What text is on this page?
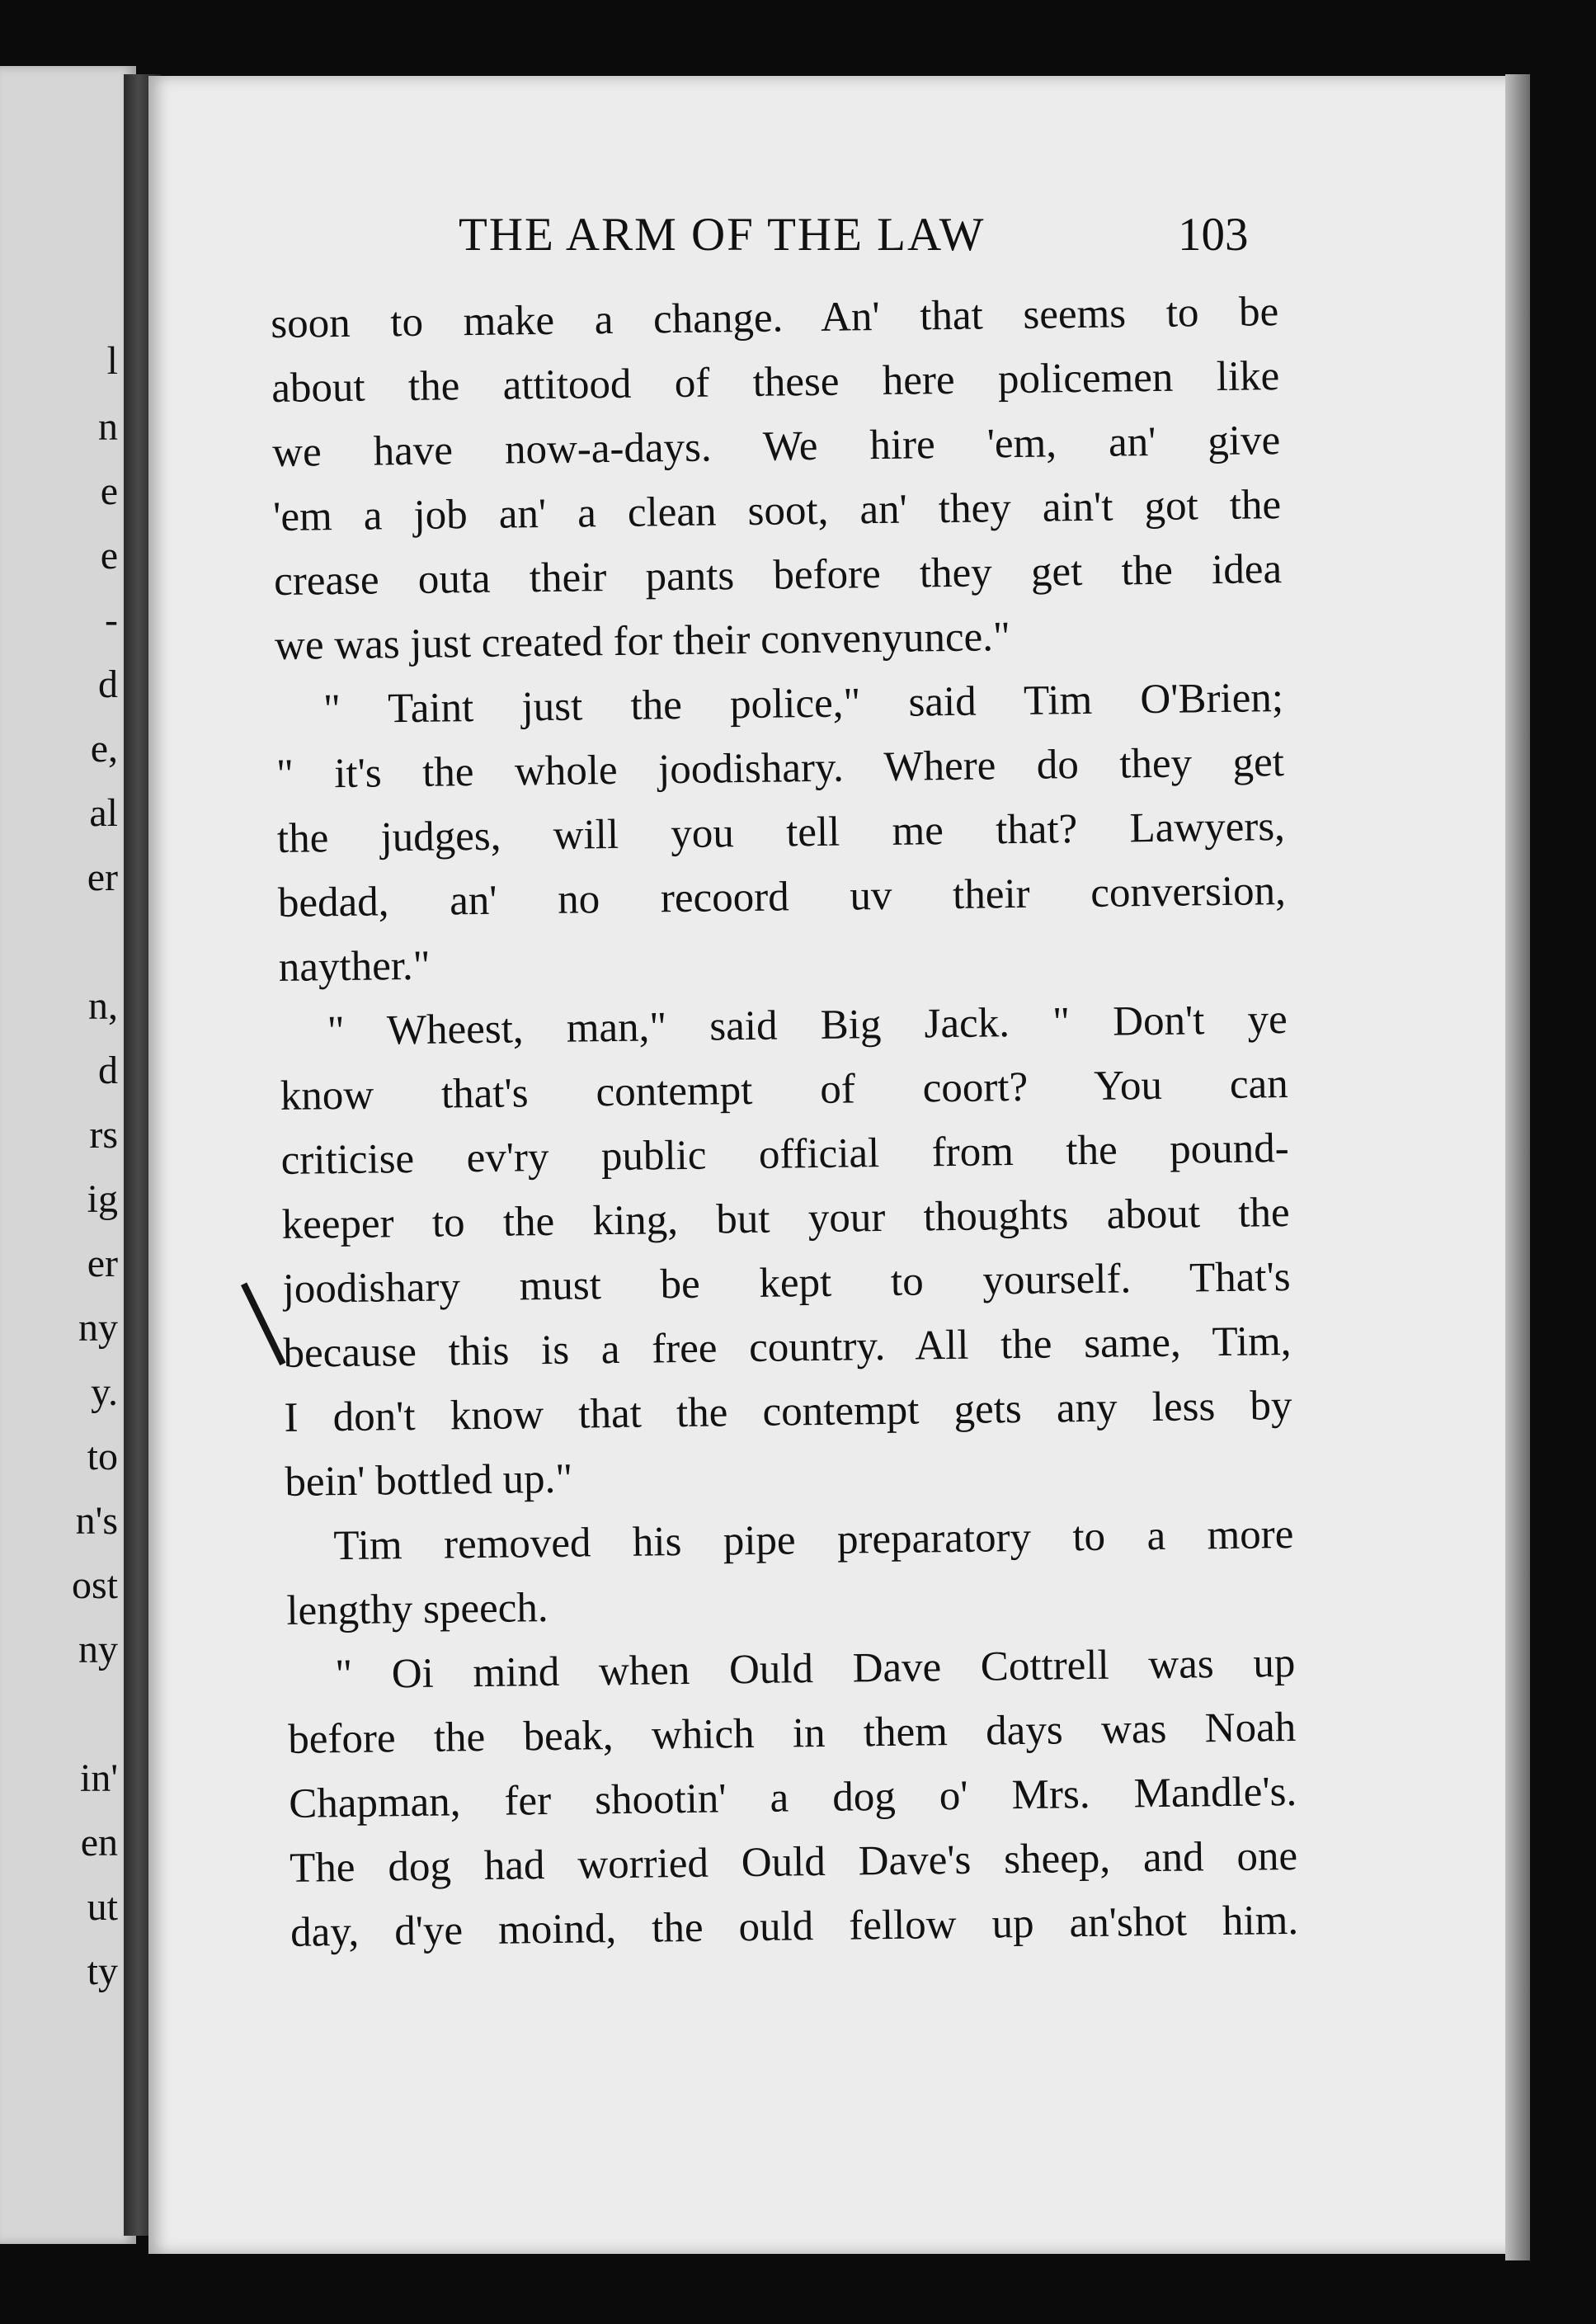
l
n
e
e
-
d
e,
al
er
n,
d
rs
ig
er
ny
y.
to
n's
ost
ny
in'
en
ut
ty
THE ARM OF THE LAW	103
soon to make a change. An' that seems to be
about the attitood of these here policemen like
we have now-a-days. We hire 'em, an' give
'em a job an' a clean soot, an' they ain't got the
crease outa their pants before they get the idea
we was just created for their convenyunce."
" Taint just the police," said Tim O'Brien;
" it's the whole joodishary. Where do they get
the judges, will you tell me that? Lawyers,
bedad, an' no recoord uv their conversion,
nayther."
" Wheest, man," said Big Jack. " Don't ye
know that's contempt of coort? You can
criticise ev'ry public official from the pound-
keeper to the king, but your thoughts about the
joodishary must be kept to yourself. That's
because this is a free country. All the same, Tim,
I don't know that the contempt gets any less by
bein' bottled up."
Tim removed his pipe preparatory to a more
lengthy speech.
" Oi mind when Ould Dave Cottrell was up
before the beak, which in them days was Noah
Chapman, fer shootin' a dog o' Mrs. Mandle's.
The dog had worried Ould Dave's sheep, and one
day, d'ye moind, the ould fellow up an'shot him.
